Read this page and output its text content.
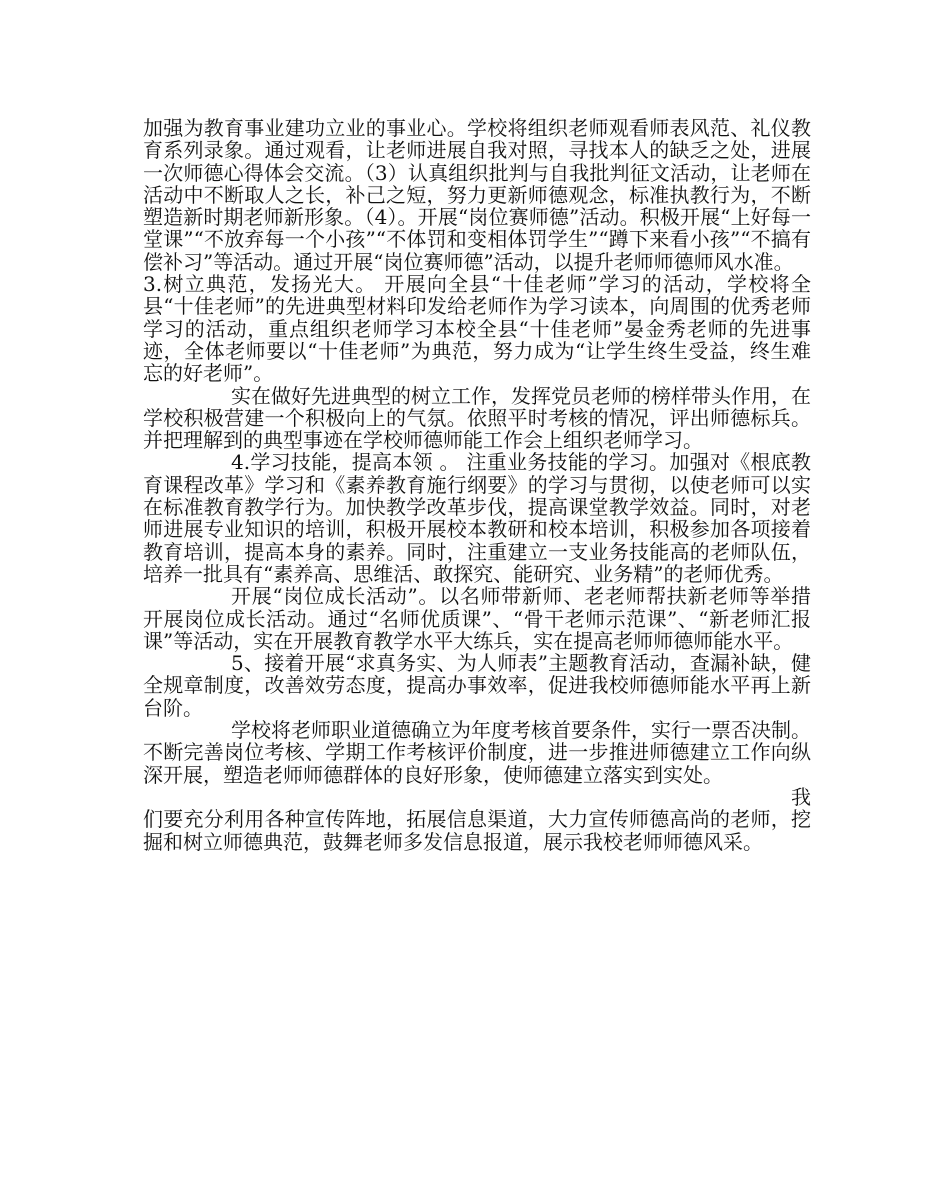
加强为教育事业建功立业的事业心。学校将组织老师观看师表风范、礼仪教育系列录象。通过观看，让老师进展自我对照，寻找本人的缺乏之处，进展一次师德心得体会交流。（3）认真组织批判与自我批判征文活动，让老师在活动中不断取人之长，补己之短，努力更新师德观念，标准执教行为，不断塑造新时期老师新形象。（4）。开展“岗位赛师德”活动。积极开展“上好每一堂课”“不放弃每一个小孩”“不体罚和变相体罚学生”“蹲下来看小孩”“不搞有偿补习”等活动。通过开展“岗位赛师德”活动，以提升老师师德师风水准。

3.树立典范，发扬光大。 开展向全县“十佳老师”学习的活动，学校将全县“十佳老师”的先进典型材料印发给老师作为学习读本，向周围的优秀老师学习的活动，重点组织老师学习本校全县“十佳老师”晏金秀老师的先进事迹，全体老师要以“十佳老师”为典范，努力成为“让学生终生受益，终生难忘的好老师”。

实在做好先进典型的树立工作，发挥党员老师的榜样带头作用，在学校积极营建一个积极向上的气氛。依照平时考核的情况，评出师德标兵。并把理解到的典型事迹在学校师德师能工作会上组织老师学习。

4.学习技能，提高本领 。 注重业务技能的学习。加强对《根底教育课程改革》学习和《素养教育施行纲要》的学习与贯彻，以使老师可以实在标准教育教学行为。加快教学改革步伐，提高课堂教学效益。同时，对老师进展专业知识的培训，积极开展校本教研和校本培训，积极参加各项接着教育培训，提高本身的素养。同时，注重建立一支业务技能高的老师队伍，培养一批具有“素养高、思维活、敢探究、能研究、业务精”的老师优秀。

开展“岗位成长活动”。以名师带新师、老老师帮扶新老师等举措开展岗位成长活动。通过“名师优质课”、“骨干老师示范课”、“新老师汇报课”等活动，实在开展教育教学水平大练兵，实在提高老师师德师能水平。

5、接着开展“求真务实、为人师表”主题教育活动，查漏补缺，健全规章制度，改善效劳态度，提高办事效率，促进我校师德师能水平再上新台阶。

学校将老师职业道德确立为年度考核首要条件，实行一票否决制。不断完善岗位考核、学期工作考核评价制度，进一步推进师德建立工作向纵深开展，塑造老师师德群体的良好形象，使师德建立落实到实处。

我

们要充分利用各种宣传阵地，拓展信息渠道，大力宣传师德高尚的老师，挖掘和树立师德典范，鼓舞老师多发信息报道，展示我校老师师德风采。
